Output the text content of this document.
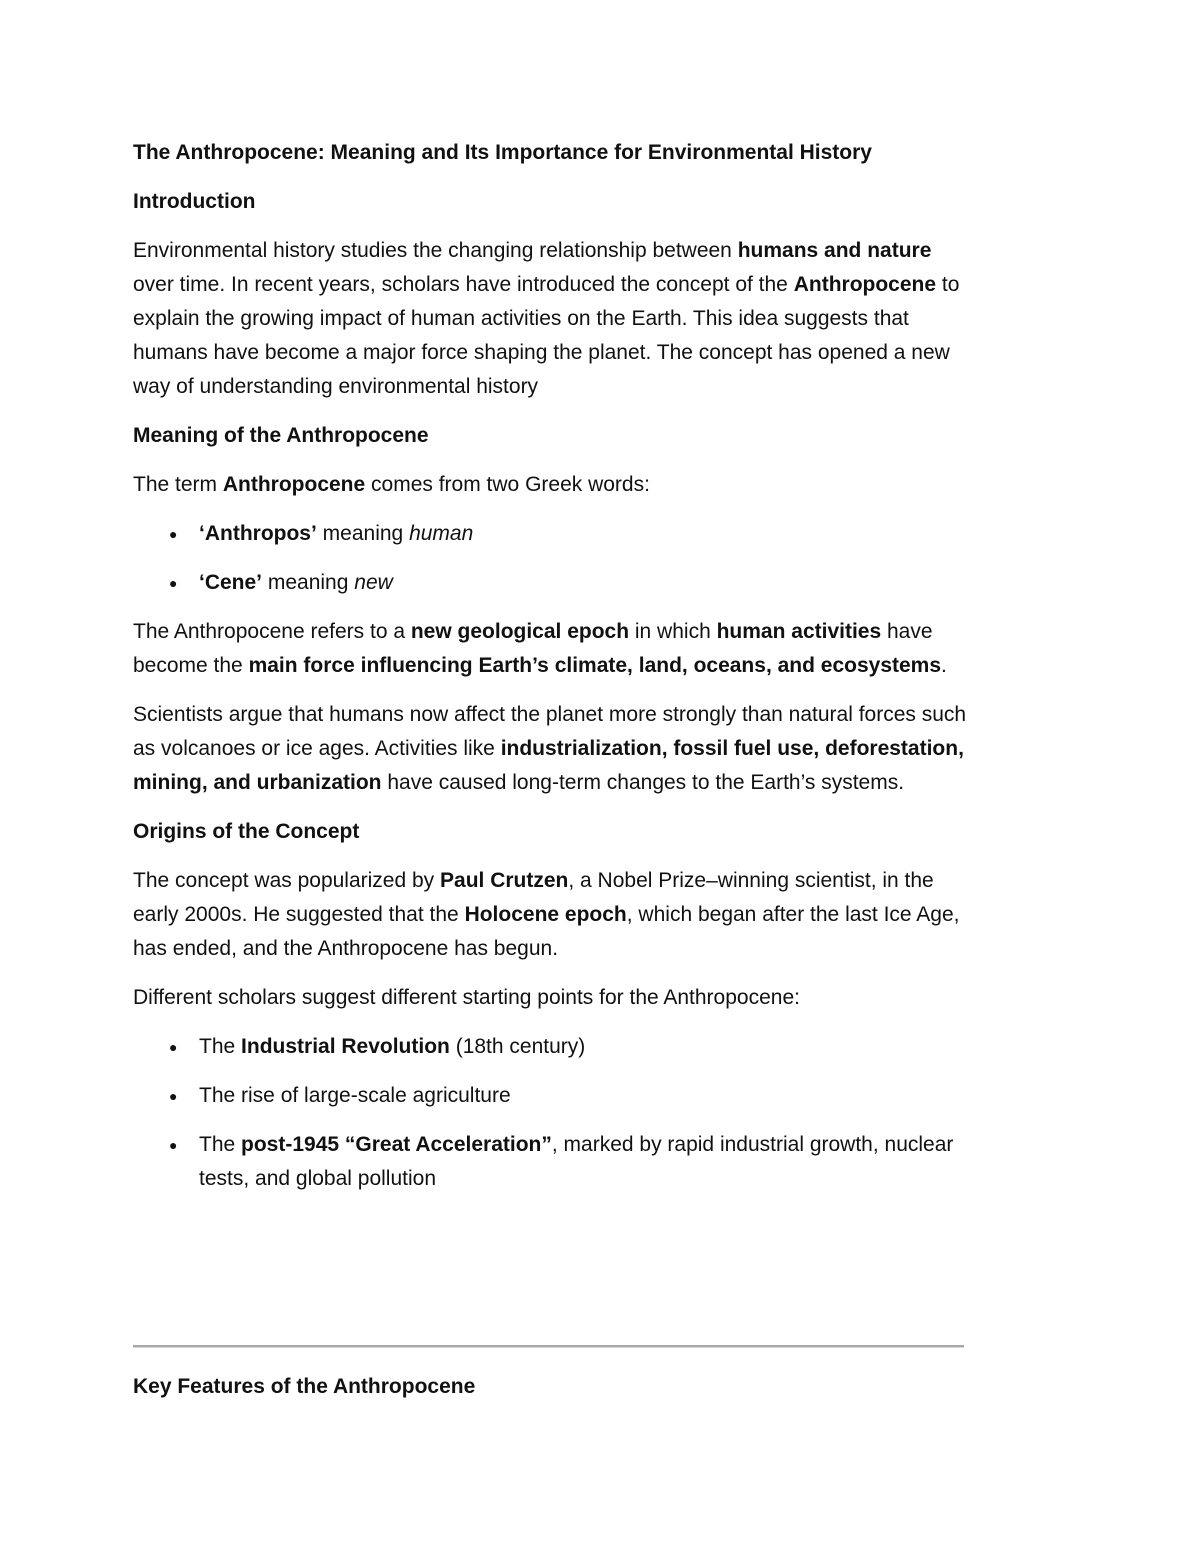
The Anthropocene: Meaning and Its Importance for Environmental History

Introduction

Environmental history studies the changing relationship between humans and nature over time. In recent years, scholars have introduced the concept of the Anthropocene to explain the growing impact of human activities on the Earth. This idea suggests that humans have become a major force shaping the planet. The concept has opened a new way of understanding environmental history

Meaning of the Anthropocene

The term Anthropocene comes from two Greek words:

● ‘Anthropos’ meaning human
● ‘Cene’ meaning new

The Anthropocene refers to a new geological epoch in which human activities have become the main force influencing Earth’s climate, land, oceans, and ecosystems.

Scientists argue that humans now affect the planet more strongly than natural forces such as volcanoes or ice ages. Activities like industrialization, fossil fuel use, deforestation, mining, and urbanization have caused long-term changes to the Earth’s systems.

Origins of the Concept

The concept was popularized by Paul Crutzen, a Nobel Prize–winning scientist, in the early 2000s. He suggested that the Holocene epoch, which began after the last Ice Age, has ended, and the Anthropocene has begun.

Different scholars suggest different starting points for the Anthropocene:

● The Industrial Revolution (18th century)
● The rise of large-scale agriculture
● The post-1945 “Great Acceleration”, marked by rapid industrial growth, nuclear tests, and global pollution
Key Features of the Anthropocene
